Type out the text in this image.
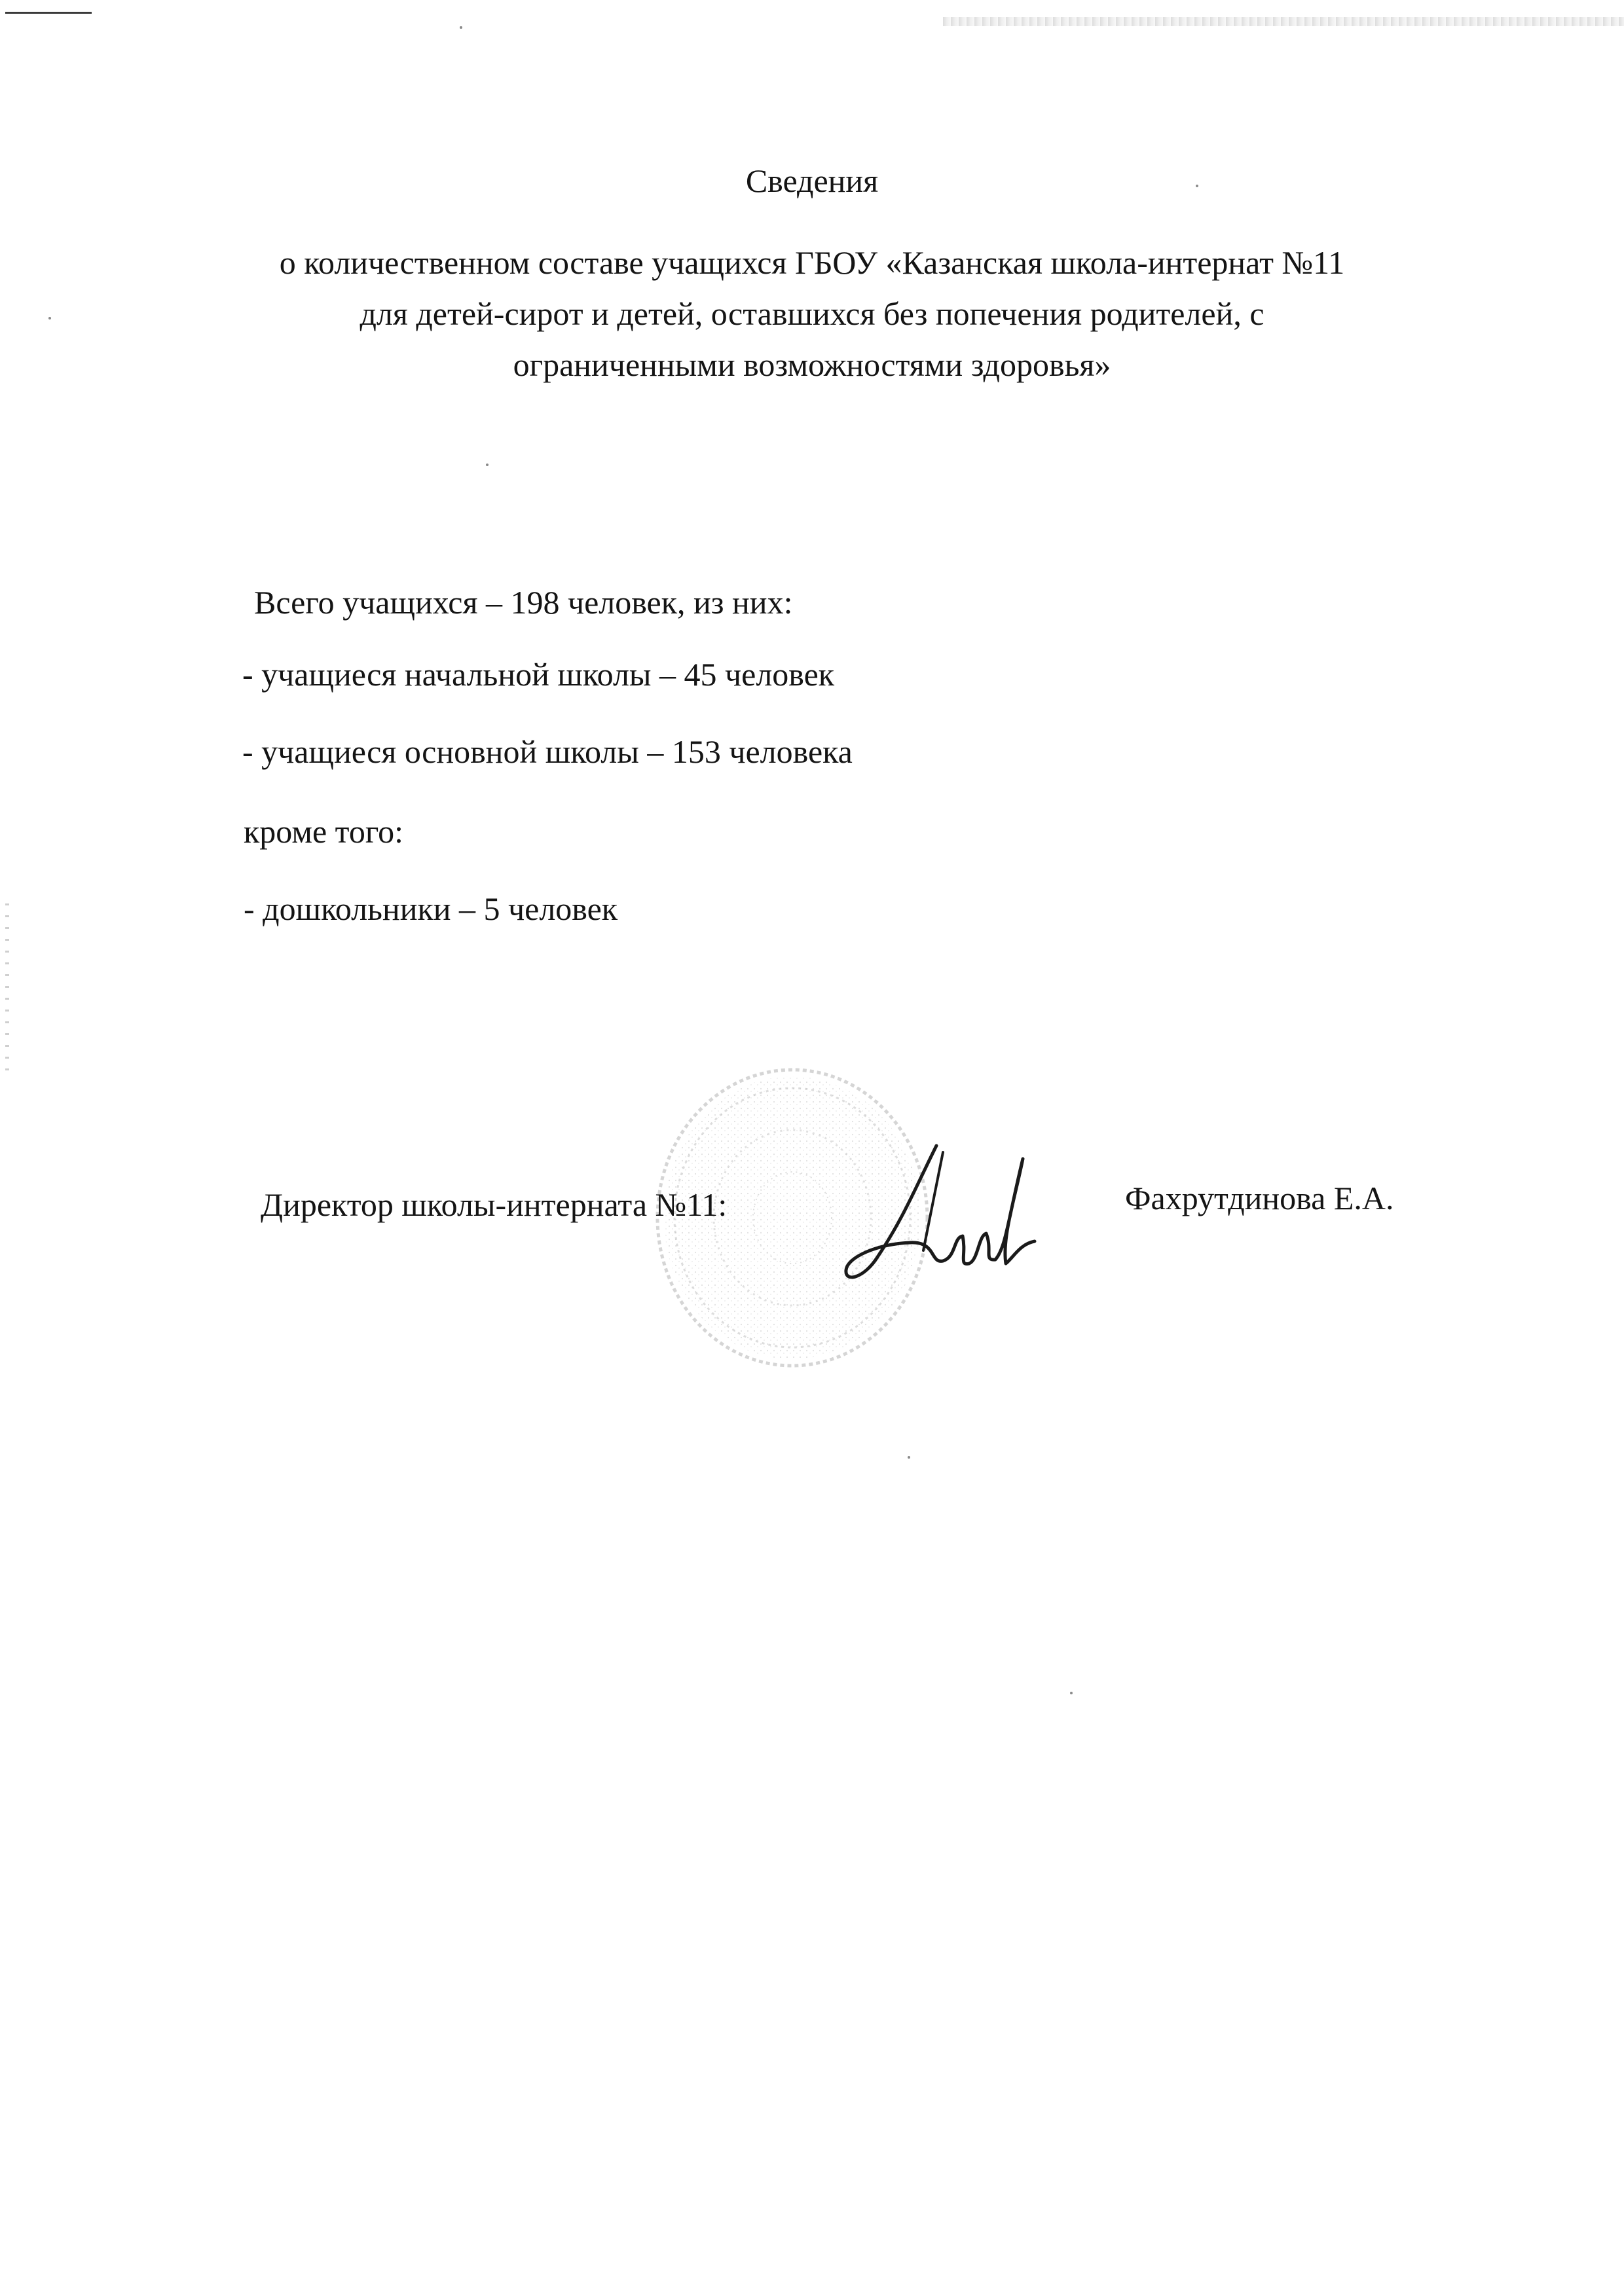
Сведения
о количественном составе учащихся ГБОУ «Казанская школа-интернат №11
для детей-сирот и детей, оставшихся без попечения родителей, с
ограниченными возможностями здоровья»
Всего учащихся – 198 человек, из них:
- учащиеся начальной школы – 45 человек
- учащиеся основной школы – 153 человека
кроме того:
- дошкольники – 5 человек
Директор школы-интерната №11:	Фахрутдинова Е.А.
